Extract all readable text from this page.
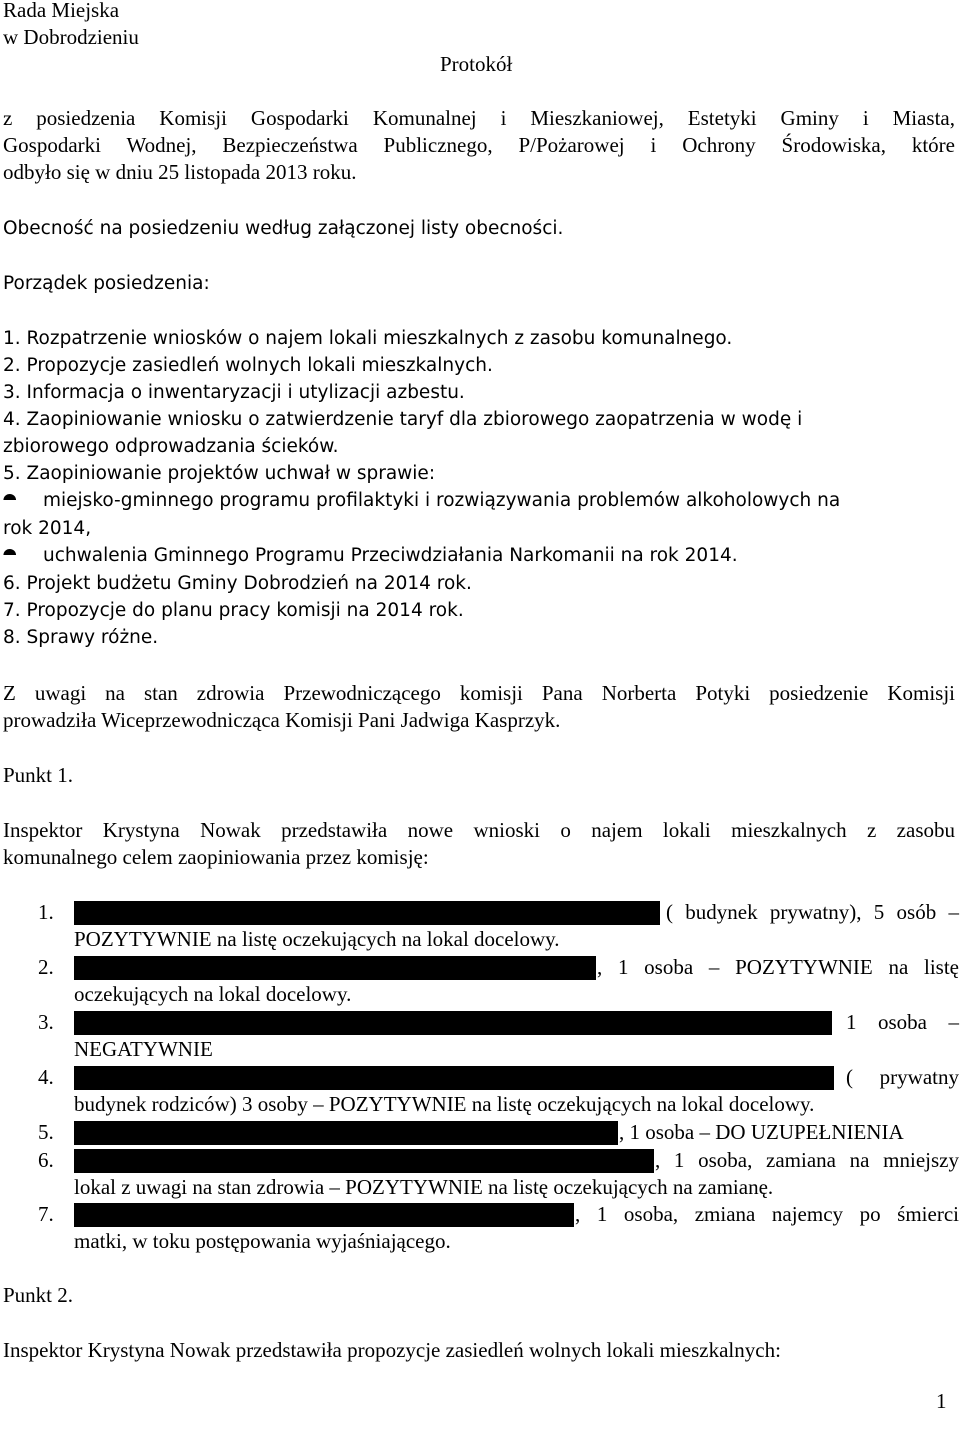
Rada Miejska
w Dobrodzieniu
Protokół
z posiedzenia Komisji Gospodarki Komunalnej i Mieszkaniowej, Estetyki Gminy i Miasta,
Gospodarki Wodnej, Bezpieczeństwa Publicznego, P/Pożarowej i Ochrony Środowiska, które
odbyło się w dniu 25 listopada 2013 roku.
Obecność na posiedzeniu według załączonej listy obecności.
Porządek posiedzenia:
1. Rozpatrzenie wniosków o najem lokali mieszkalnych z zasobu komunalnego.
2. Propozycje zasiedleń wolnych lokali mieszkalnych.
3. Informacja o inwentaryzacji i utylizacji azbestu.
4. Zaopiniowanie wniosku o zatwierdzenie taryf dla zbiorowego zaopatrzenia w wodę i
zbiorowego odprowadzania ścieków.
5. Zaopiniowanie projektów uchwał w sprawie:
⯊ miejsko-gminnego programu profilaktyki i rozwiązywania problemów alkoholowych na
rok 2014,
⯊ uchwalenia Gminnego Programu Przeciwdziałania Narkomanii na rok 2014.
6. Projekt budżetu Gminy Dobrodzień na 2014 rok.
7. Propozycje do planu pracy komisji na 2014 rok.
8. Sprawy różne.
Z uwagi na stan zdrowia Przewodniczącego komisji Pana Norberta Potyki posiedzenie Komisji
prowadziła Wiceprzewodnicząca Komisji Pani Jadwiga Kasprzyk.
Punkt 1.
Inspektor Krystyna Nowak przedstawiła nowe wnioski o najem lokali mieszkalnych z zasobu
komunalnego celem zaopiniowania przez komisję:
1.	( budynek prywatny), 5 osób –
POZYTYWNIE na listę oczekujących na lokal docelowy.
2.	, 1 osoba – POZYTYWNIE na listę
oczekujących na lokal docelowy.
3.	1 osoba –
NEGATYWNIE
4.	( prywatny
budynek rodziców) 3 osoby – POZYTYWNIE na listę oczekujących na lokal docelowy.
5.	, 1 osoba – DO UZUPEŁNIENIA
6.	, 1 osoba, zamiana na mniejszy
lokal z uwagi na stan zdrowia – POZYTYWNIE na listę oczekujących na zamianę.
7.	, 1 osoba, zmiana najemcy po śmierci
matki, w toku postępowania wyjaśniającego.
Punkt 2.
Inspektor Krystyna Nowak przedstawiła propozycje zasiedleń wolnych lokali mieszkalnych:
1
